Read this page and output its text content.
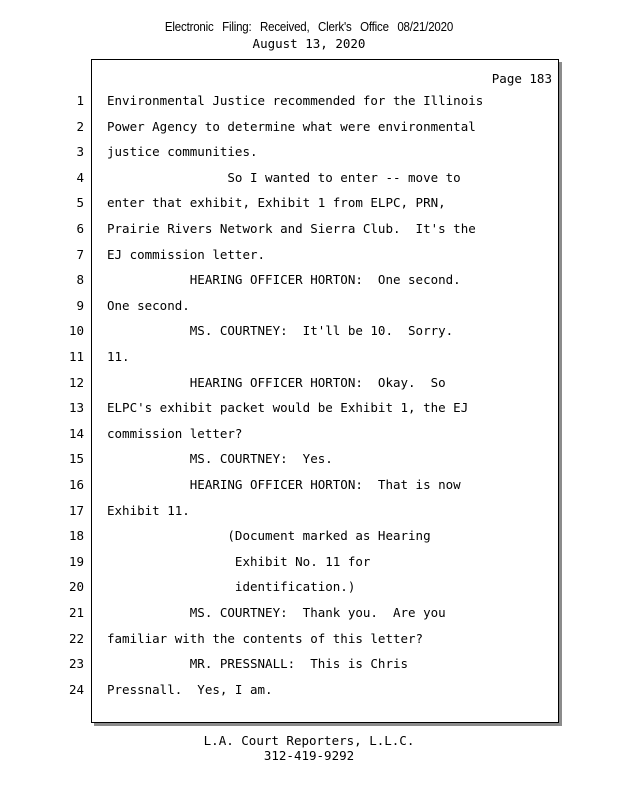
Electronic Filing: Received, Clerk's Office 08/21/2020
August 13, 2020
Page 183
1 Environmental Justice recommended for the Illinois
2 Power Agency to determine what were environmental
3 justice communities.
4 So I wanted to enter -- move to
5 enter that exhibit, Exhibit 1 from ELPC, PRN,
6 Prairie Rivers Network and Sierra Club.  It's the
7 EJ commission letter.
8 HEARING OFFICER HORTON:  One second.
9 One second.
10 MS. COURTNEY:  It'll be 10.  Sorry.
11 11.
12 HEARING OFFICER HORTON:  Okay.  So
13 ELPC's exhibit packet would be Exhibit 1, the EJ
14 commission letter?
15 MS. COURTNEY:  Yes.
16 HEARING OFFICER HORTON:  That is now
17 Exhibit 11.
18 (Document marked as Hearing
19 Exhibit No. 11 for
20 identification.)
21 MS. COURTNEY:  Thank you.  Are you
22 familiar with the contents of this letter?
23 MR. PRESSNALL:  This is Chris
24 Pressnall.  Yes, I am.
L.A. Court Reporters, L.L.C.
312-419-9292
